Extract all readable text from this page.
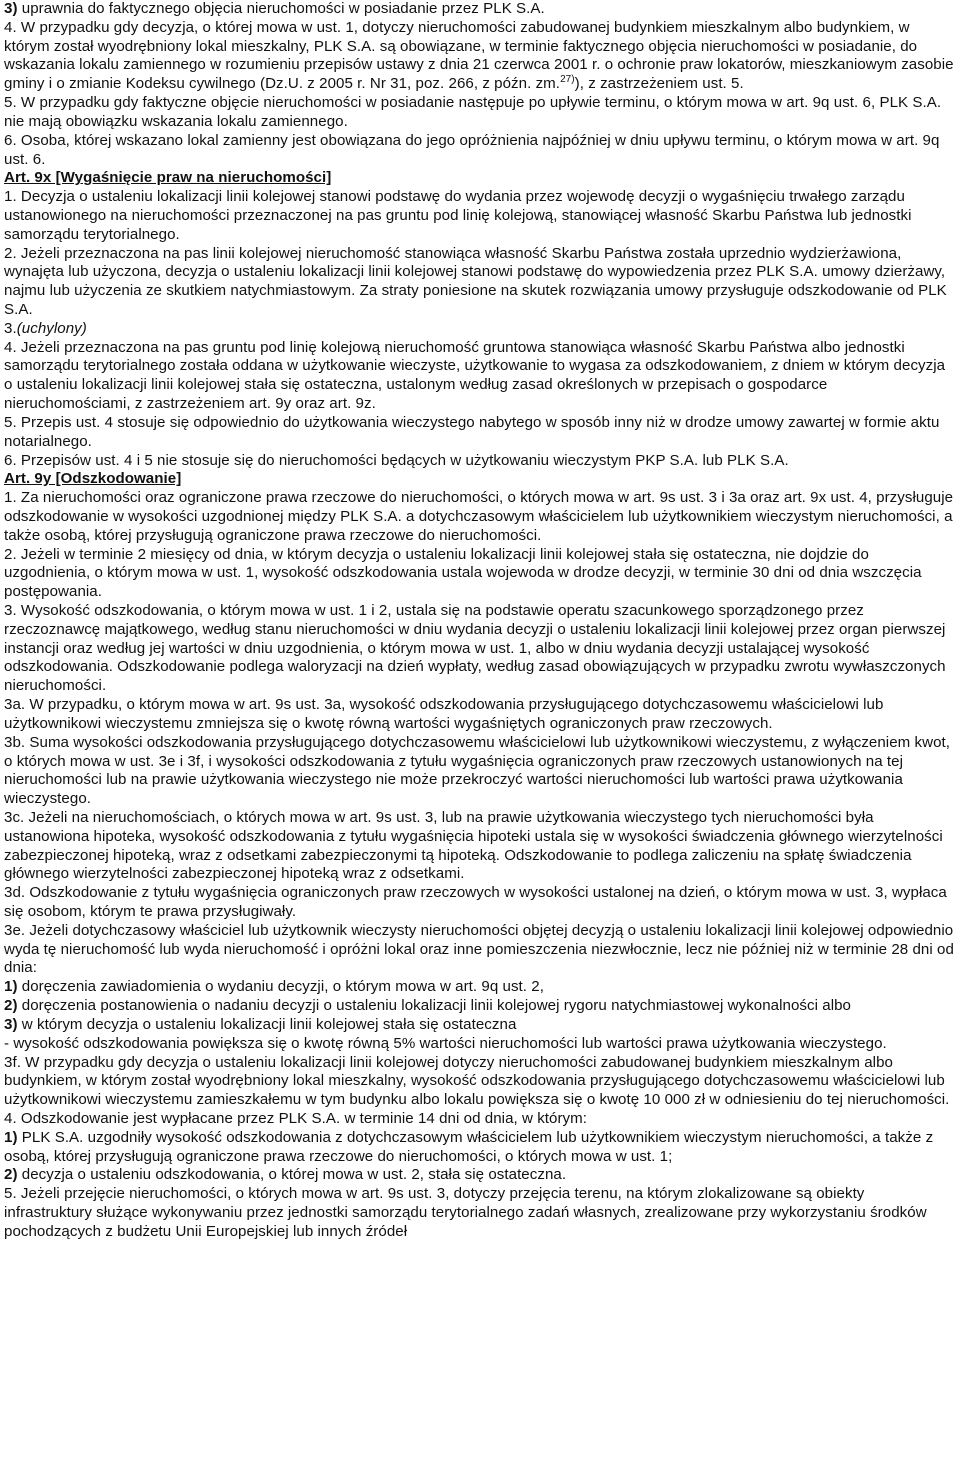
3) uprawnia do faktycznego objęcia nieruchomości w posiadanie przez PLK S.A.

4. W przypadku gdy decyzja, o której mowa w ust. 1, dotyczy nieruchomości zabudowanej budynkiem mieszkalnym albo budynkiem, w którym został wyodrębniony lokal mieszkalny, PLK S.A. są obowiązane, w terminie faktycznego objęcia nieruchomości w posiadanie, do wskazania lokalu zamiennego w rozumieniu przepisów ustawy z dnia 21 czerwca 2001 r. o ochronie praw lokatorów, mieszkaniowym zasobie gminy i o zmianie Kodeksu cywilnego (Dz.U. z 2005 r. Nr 31, poz. 266, z późn. zm.$^{27)}$), z zastrzeżeniem ust. 5.

5. W przypadku gdy faktyczne objęcie nieruchomości w posiadanie następuje po upływie terminu, o którym mowa w art. 9q ust. 6, PLK S.A. nie mają obowiązku wskazania lokalu zamiennego.

6. Osoba, której wskazano lokal zamienny jest obowiązana do jego opróżnienia najpóźniej w dniu upływu terminu, o którym mowa w art. 9q ust. 6.

Art. 9x [Wygaśnięcie praw na nieruchomości]

1. Decyzja o ustaleniu lokalizacji linii kolejowej stanowi podstawę do wydania przez wojewodę decyzji o wygaśnięciu trwałego zarządu ustanowionego na nieruchomości przeznaczonej na pas gruntu pod linię kolejową, stanowiącej własność Skarbu Państwa lub jednostki samorządu terytorialnego.

2. Jeżeli przeznaczona na pas linii kolejowej nieruchomość stanowiąca własność Skarbu Państwa została uprzednio wydzierżawiona, wynajęta lub użyczona, decyzja o ustaleniu lokalizacji linii kolejowej stanowi podstawę do wypowiedzenia przez PLK S.A. umowy dzierżawy, najmu lub użyczenia ze skutkiem natychmiastowym. Za straty poniesione na skutek rozwiązania umowy przysługuje odszkodowanie od PLK S.A.

3.(uchylony)

4. Jeżeli przeznaczona na pas gruntu pod linię kolejową nieruchomość gruntowa stanowiąca własność Skarbu Państwa albo jednostki samorządu terytorialnego została oddana w użytkowanie wieczyste, użytkowanie to wygasa za odszkodowaniem, z dniem w którym decyzja o ustaleniu lokalizacji linii kolejowej stała się ostateczna, ustalonym według zasad określonych w przepisach o gospodarce nieruchomościami, z zastrzeżeniem art. 9y oraz art. 9z.

5. Przepis ust. 4 stosuje się odpowiednio do użytkowania wieczystego nabytego w sposób inny niż w drodze umowy zawartej w formie aktu notarialnego.

6. Przepisów ust. 4 i 5 nie stosuje się do nieruchomości będących w użytkowaniu wieczystym PKP S.A. lub PLK S.A.

Art. 9y [Odszkodowanie]

1. Za nieruchomości oraz ograniczone prawa rzeczowe do nieruchomości, o których mowa w art. 9s ust. 3 i 3a oraz art. 9x ust. 4, przysługuje odszkodowanie w wysokości uzgodnionej między PLK S.A. a dotychczasowym właścicielem lub użytkownikiem wieczystym nieruchomości, a także osobą, której przysługują ograniczone prawa rzeczowe do nieruchomości.

2. Jeżeli w terminie 2 miesięcy od dnia, w którym decyzja o ustaleniu lokalizacji linii kolejowej stała się ostateczna, nie dojdzie do uzgodnienia, o którym mowa w ust. 1, wysokość odszkodowania ustala wojewoda w drodze decyzji, w terminie 30 dni od dnia wszczęcia postępowania.

3. Wysokość odszkodowania, o którym mowa w ust. 1 i 2, ustala się na podstawie operatu szacunkowego sporządzonego przez rzeczoznawcę majątkowego, według stanu nieruchomości w dniu wydania decyzji o ustaleniu lokalizacji linii kolejowej przez organ pierwszej instancji oraz według jej wartości w dniu uzgodnienia, o którym mowa w ust. 1, albo w dniu wydania decyzji ustalającej wysokość odszkodowania. Odszkodowanie podlega waloryzacji na dzień wypłaty, według zasad obowiązujących w przypadku zwrotu wywłaszczonych nieruchomości.

3a. W przypadku, o którym mowa w art. 9s ust. 3a, wysokość odszkodowania przysługującego dotychczasowemu właścicielowi lub użytkownikowi wieczystemu zmniejsza się o kwotę równą wartości wygaśniętych ograniczonych praw rzeczowych.

3b. Suma wysokości odszkodowania przysługującego dotychczasowemu właścicielowi lub użytkownikowi wieczystemu, z wyłączeniem kwot, o których mowa w ust. 3e i 3f, i wysokości odszkodowania z tytułu wygaśnięcia ograniczonych praw rzeczowych ustanowionych na tej nieruchomości lub na prawie użytkowania wieczystego nie może przekroczyć wartości nieruchomości lub wartości prawa użytkowania wieczystego.

3c. Jeżeli na nieruchomościach, o których mowa w art. 9s ust. 3, lub na prawie użytkowania wieczystego tych nieruchomości była ustanowiona hipoteka, wysokość odszkodowania z tytułu wygaśnięcia hipoteki ustala się w wysokości świadczenia głównego wierzytelności zabezpieczonej hipoteką, wraz z odsetkami zabezpieczonymi tą hipoteką. Odszkodowanie to podlega zaliczeniu na spłatę świadczenia głównego wierzytelności zabezpieczonej hipoteką wraz z odsetkami.

3d. Odszkodowanie z tytułu wygaśnięcia ograniczonych praw rzeczowych w wysokości ustalonej na dzień, o którym mowa w ust. 3, wypłaca się osobom, którym te prawa przysługiwały.

3e. Jeżeli dotychczasowy właściciel lub użytkownik wieczysty nieruchomości objętej decyzją o ustaleniu lokalizacji linii kolejowej odpowiednio wyda tę nieruchomość lub wyda nieruchomość i opróżni lokal oraz inne pomieszczenia niezwłocznie, lecz nie później niż w terminie 28 dni od dnia:

1) doręczenia zawiadomienia o wydaniu decyzji, o którym mowa w art. 9q ust. 2,

2) doręczenia postanowienia o nadaniu decyzji o ustaleniu lokalizacji linii kolejowej rygoru natychmiastowej wykonalności albo

3) w którym decyzja o ustaleniu lokalizacji linii kolejowej stała się ostateczna

- wysokość odszkodowania powiększa się o kwotę równą 5% wartości nieruchomości lub wartości prawa użytkowania wieczystego.

3f. W przypadku gdy decyzja o ustaleniu lokalizacji linii kolejowej dotyczy nieruchomości zabudowanej budynkiem mieszkalnym albo budynkiem, w którym został wyodrębniony lokal mieszkalny, wysokość odszkodowania przysługującego dotychczasowemu właścicielowi lub użytkownikowi wieczystemu zamieszkałemu w tym budynku albo lokalu powiększa się o kwotę 10 000 zł w odniesieniu do tej nieruchomości.

4. Odszkodowanie jest wypłacane przez PLK S.A. w terminie 14 dni od dnia, w którym:

1) PLK S.A. uzgodniły wysokość odszkodowania z dotychczasowym właścicielem lub użytkownikiem wieczystym nieruchomości, a także z osobą, której przysługują ograniczone prawa rzeczowe do nieruchomości, o których mowa w ust. 1;

2) decyzja o ustaleniu odszkodowania, o której mowa w ust. 2, stała się ostateczna.

5. Jeżeli przejęcie nieruchomości, o których mowa w art. 9s ust. 3, dotyczy przejęcia terenu, na którym zlokalizowane są obiekty infrastruktury służące wykonywaniu przez jednostki samorządu terytorialnego zadań własnych, zrealizowane przy wykorzystaniu środków pochodzących z budżetu Unii Europejskiej lub innych źródeł
